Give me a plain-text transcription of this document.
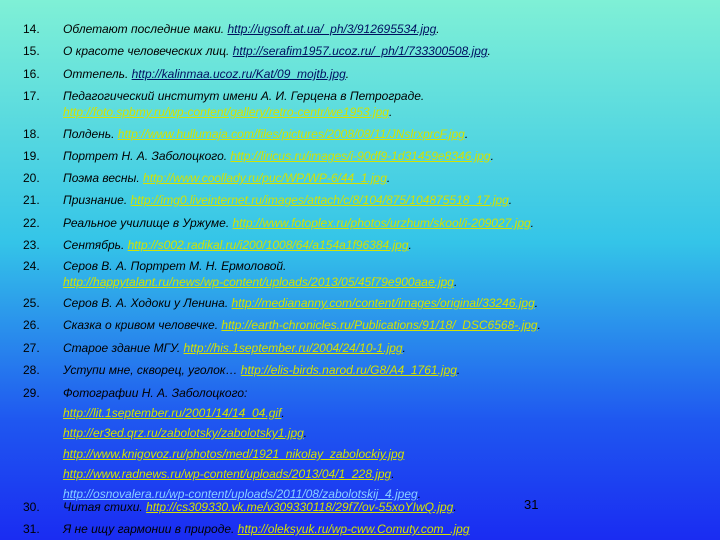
14. Облетают последние маки. http://ugsoft.at.ua/_ph/3/912695534.jpg.
15. О красоте человеческих лиц. http://serafim1957.ucoz.ru/_ph/1/733300508.jpg.
16. Оттепель. http://kalinmaa.ucoz.ru/Kat/09_mojtb.jpg.
17. Педагогический институт имени А. И. Герцена в Петрограде.
http://foto.spbmy.ru/wp-content/gallery/retro-centr/we1953.jpg.
18. Полдень. http://www.hullumaja.com/files/pictures/2008/08/11/JNslrxprcF.jpg.
19. Портрет Н. А. Заболоцкого. http://liricus.ru/images/i-90df9-1d31459e8346.jpg.
20. Поэма весны. http://www.coollady.ru/puc/WP/WP-6/44_1.jpg.
21. Признание. http://img0.liveinternet.ru/images/attach/c/8/104/875/104875518_17.jpg.
22. Реальное училище в Уржуме. http://www.fotoplex.ru/photos/urzhum/skool/i-209027.jpg.
23. Сентябрь. http://s002.radikal.ru/i200/1008/64/a154a1f96384.jpg.
24. Серов В. А. Портрет М. Н. Ермоловой.
http://happytalant.ru/news/wp-content/uploads/2013/05/45f79e900aae.jpg.
25. Серов В. А. Ходоки у Ленина. http://mediananny.com/content/images/original/33246.jpg.
26. Сказка о кривом человечке. http://earth-chronicles.ru/Publications/91/18/_DSC6568-.jpg.
27. Старое здание МГУ. http://his.1september.ru/2004/24/10-1.jpg.
28. Уступи мне, скворец, уголок… http://elis-birds.narod.ru/G8/A4_1761.jpg.
29. Фотографии Н. А. Заболоцкого:
http://lit.1september.ru/2001/14/14_04.gif.
http://er3ed.qrz.ru/zabolotsky/zabolotsky1.jpg.
http://www.knigovoz.ru/photos/med/1921_nikolay_zabolockiy.jpg
http://www.radnews.ru/wp-content/uploads/2013/04/1_228.jpg.
http://osnovalera.ru/wp-content/uploads/2011/08/zabolotskij_4.jpeg.
30. Читая стихи. http://cs309330.vk.me/v309330118/29f7/ov-55xoYIwQ.jpg.
31. Я не ищу гармонии в природе. http://oleksyuk.ru/wp-cww.Comuty.com_.jpg
31
